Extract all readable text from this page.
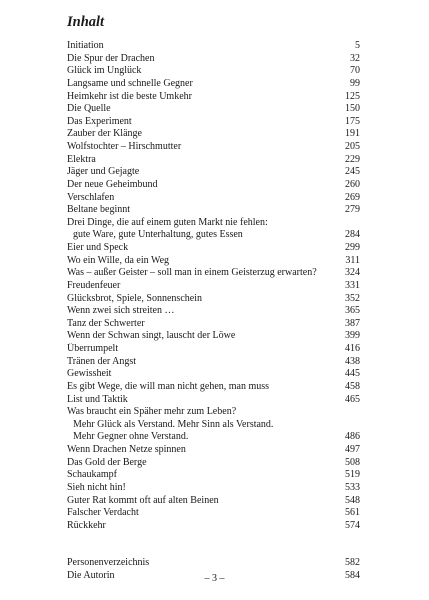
Inhalt
Initiation	5
Die Spur der Drachen	32
Glück im Unglück	70
Langsame und schnelle Gegner	99
Heimkehr ist die beste Umkehr	125
Die Quelle	150
Das Experiment	175
Zauber der Klänge	191
Wolfstochter – Hirschmutter	205
Elektra	229
Jäger und Gejagte	245
Der neue Geheimbund	260
Verschlafen	269
Beltane beginnt	279
Drei Dinge, die auf einem guten Markt nie fehlen:
gute Ware, gute Unterhaltung, gutes Essen	284
Eier und Speck	299
Wo ein Wille, da ein Weg	311
Was – außer Geister – soll man in einem Geisterzug erwarten?	324
Freudenfeuer	331
Glücksbrot, Spiele, Sonnenschein	352
Wenn zwei sich streiten …	365
Tanz der Schwerter	387
Wenn der Schwan singt, lauscht der Löwe	399
Überrumpelt	416
Tränen der Angst	438
Gewissheit	445
Es gibt Wege, die will man nicht gehen, man muss	458
List und Taktik	465
Was braucht ein Späher mehr zum Leben?
Mehr Glück als Verstand. Mehr Sinn als Verstand.
Mehr Gegner ohne Verstand.	486
Wenn Drachen Netze spinnen	497
Das Gold der Berge	508
Schaukampf	519
Sieh nicht hin!	533
Guter Rat kommt oft auf alten Beinen	548
Falscher Verdacht	561
Rückkehr	574
Personenverzeichnis	582
Die Autorin	584
– 3 –
